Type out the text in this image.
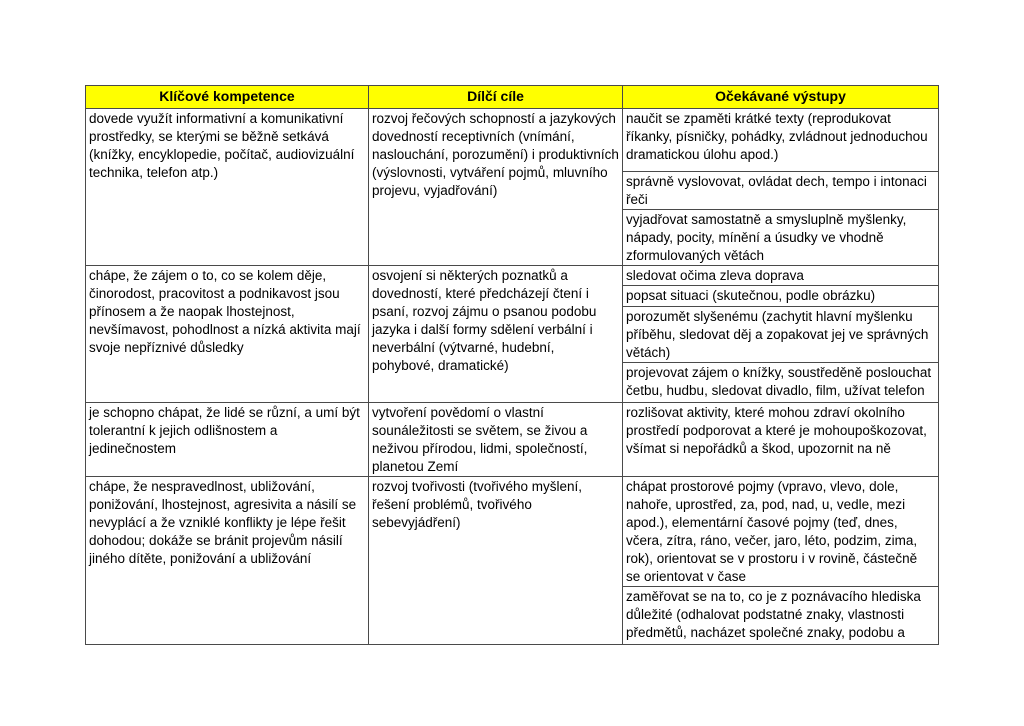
Klíčové kompetence	Dílčí cíle	Očekávané výstupy
dovede využít informativní a komunikativní prostředky, se kterými se běžně setkává (knížky, encyklopedie, počítač, audiovizuální technika, telefon atp.)	rozvoj řečových schopností a jazykových dovedností receptivních (vnímání, naslouchání, porozumění) i produktivních (výslovnosti, vytváření pojmů, mluvního projevu, vyjadřování)	naučit se zpaměti krátké texty (reprodukovat říkanky, písničky, pohádky, zvládnout jednoduchou dramatickou úlohu apod.)
		správně vyslovovat, ovládat dech, tempo i intonaci řeči
		vyjadřovat samostatně a smysluplně myšlenky, nápady, pocity, mínění a úsudky ve vhodně zformulovaných větách
chápe, že zájem o to, co se kolem děje, činorodost, pracovitost a podnikavost jsou přínosem a že naopak lhostejnost, nevšímavost, pohodlnost a nízká aktivita mají svoje nepříznivé důsledky	osvojení si některých poznatků a dovedností, které předcházejí čtení i psaní, rozvoj zájmu o psanou podobu jazyka i další formy sdělení verbální i neverbální (výtvarné, hudební, pohybové, dramatické)	sledovat očima zleva doprava
		popsat situaci (skutečnou, podle obrázku)
		porozumět slyšenému (zachytit hlavní myšlenku příběhu, sledovat děj a zopakovat jej ve správných větách)
		projevovat zájem o knížky, soustředěně poslouchat četbu, hudbu, sledovat divadlo, film, užívat telefon
je schopno chápat, že lidé se různí, a umí být tolerantní k jejich odlišnostem a jedinečnostem	vytvoření povědomí o vlastní sounáležitosti se světem, se živou a neživou přírodou, lidmi, společností, planetou Zemí	rozlišovat aktivity, které mohou zdraví okolního prostředí podporovat a které je mohoupoškozovat, všímat si nepořádků a škod, upozornit na ně
chápe, že nespravedlnost, ubližování, ponižování, lhostejnost, agresivita a násilí se nevyplácí a že vzniklé konflikty je lépe řešit dohodou; dokáže se bránit projevům násilí jiného dítěte, ponižování a ubližování	rozvoj tvořivosti (tvořivého myšlení, řešení problémů, tvořivého sebevyjádření)	chápat prostorové pojmy (vpravo, vlevo, dole, nahoře, uprostřed, za, pod, nad, u, vedle, mezi apod.), elementární časové pojmy (teď, dnes, včera, zítra, ráno, večer, jaro, léto, podzim, zima, rok), orientovat se v prostoru i v rovině, částečně se orientovat v čase
		zaměřovat se na to, co je z poznávacího hlediska důležité (odhalovat podstatné znaky, vlastnosti předmětů, nacházet společné znaky, podobu a
